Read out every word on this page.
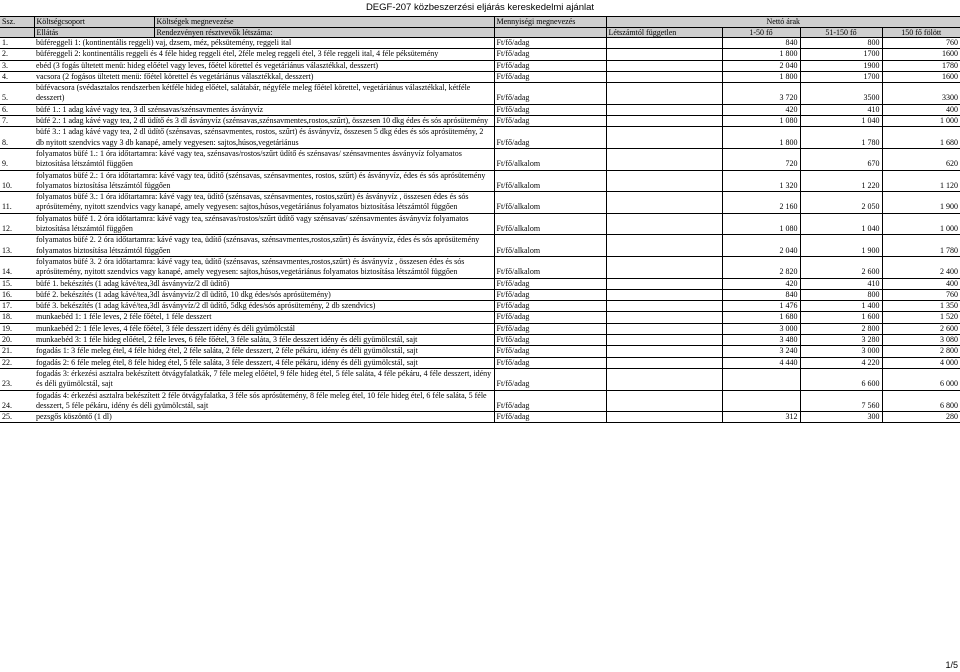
DEGF-207 közbeszerzési eljárás kereskedelmi ajánlat
Ssz.	Költségcsoport	Költségek megnevezése	Mennyiségi megnevezés	Nettó árak			
	Ellátás	Rendezvényen résztvevők létszáma:		Létszámtól független	1-50 fő	51-150 fő	150 fő fölött
1.	büféreggeli 1: (kontinentális reggeli) vaj, dzsem, méz, péksütemény, reggeli ital		Ft/fő/adag		840	800	760
2.	büféreggeli 2: kontinentális reggeli és 4 féle hideg reggeli étel, 2féle meleg reggeli étel, 3 féle reggeli ital, 4 féle péksütemény		Ft/fő/adag		1 800	1700	1600
3.	ebéd (3 fogás ültetett menü: hideg előétel vagy leves, főétel körettel és vegetáriánus választékkal, desszert)		Ft/fő/adag		2 040	1900	1780
4.	vacsora (2 fogásos ültetett menü: főétel körettel és vegetáriánus választékkal, desszert)		Ft/fő/adag		1 800	1700	1600
5.	büfévacsora (svédasztalos rendszerben kétféle hideg előétel, salátabár, négyféle meleg főétel körettel, vegetáriánus választékkal, kétféle desszert)		Ft/fő/adag		3 720	3500	3300
6.	büfé 1.: 1 adag kávé vagy tea, 3 dl szénsavas/szénsavmentes ásványvíz		Ft/fő/adag		420	410	400
7.	büfé 2.: 1 adag kávé vagy tea, 2 dl üdítő és 3 dl ásványvíz (szénsavas,szénsavmentes,rostos,szűrt), összesen 10 dkg édes és sós aprósütemény		Ft/fő/adag		1 080	1 040	1 000
8.	büfé 3.: 1 adag kávé vagy tea, 2 dl üdítő (szénsavas, szénsavmentes, rostos, szűrt) és ásványvíz, összesen 5 dkg édes és sós aprósütemény, 2 db nyitott szendvics vagy 3 db kanapé, amely vegyesen: sajtos,húsos,vegetáriánus		Ft/fő/adag		1 800	1 780	1 680
9.	folyamatos büfé 1.: 1 óra időtartamra: kávé vagy tea, szénsavas/rostos/szűrt üdítő és szénsavas/ szénsavmentes ásványvíz folyamatos biztosítása létszámtól függően		Ft/fő/alkalom		720	670	620
10.	folyamatos büfé 2.: 1 óra időtartamra: kávé vagy tea, üdítő (szénsavas, szénsavmentes, rostos, szűrt) és ásványvíz, édes és sós aprósütemény folyamatos biztosítása létszámtól függően		Ft/fő/alkalom		1 320	1 220	1 120
11.	folyamatos büfé 3.: 1 óra időtartamra: kávé vagy tea, üdítő (szénsavas, szénsavmentes, rostos,szűrt) és ásványvíz , összesen édes és sós aprósütemény, nyitott szendvics vagy kanapé, amely vegyesen: sajtos,húsos,vegetáriánus folyamatos biztosítása létszámtól függően		Ft/fő/alkalom		2 160	2 050	1 900
12.	folyamatos büfé 1. 2 óra időtartamra: kávé vagy tea, szénsavas/rostos/szűrt üdítő vagy szénsavas/ szénsavmentes ásványvíz folyamatos biztosítása létszámtól függően		Ft/fő/alkalom		1 080	1 040	1 000
13.	folyamatos büfé 2. 2 óra időtartamra: kávé vagy tea, üdítő (szénsavas, szénsavmentes,rostos,szűrt) és ásványvíz, édes és sós aprósütemény folyamatos biztosítása létszámtól függően		Ft/fő/alkalom		2 040	1 900	1 780
14.	folyamatos büfé 3. 2 óra időtartamra: kávé vagy tea, üdítő (szénsavas, szénsavmentes,rostos,szűrt) és ásványvíz , összesen édes és sós aprósütemény, nyitott szendvics vagy kanapé, amely vegyesen: sajtos,húsos,vegetáriánus folyamatos biztosítása létszámtól függően		Ft/fő/alkalom		2 820	2 600	2 400
15.	büfé 1. bekészítés (1 adag kávé/tea,3dl ásványvíz/2 dl üdítő)		Ft/fő/adag		420	410	400
16.	büfé 2. bekészítés (1 adag kávé/tea,3dl ásványvíz/2 dl üdítő, 10 dkg édes/sós aprósütemény)		Ft/fő/adag		840	800	760
17.	büfé 3. bekészítés (1 adag kávé/tea,3dl ásványvíz/2 dl üdítő, 5dkg édes/sós aprósütemény, 2 db szendvics)		Ft/fő/adag		1 476	1 400	1 350
18.	munkaebéd 1: 1 féle leves, 2 féle főétel, 1 féle desszert		Ft/fő/adag		1 680	1 600	1 520
19.	munkaebéd 2: 1 féle leves, 4 féle főétel, 3 féle desszert idény és déli gyümölcstál		Ft/fő/adag		3 000	2 800	2 600
20.	munkaebéd 3: 1 féle hideg előétel, 2 féle leves, 6 féle főétel, 3 féle saláta, 3 féle desszert idény és déli gyümölcstál, sajt		Ft/fő/adag		3 480	3 280	3 080
21.	fogadás 1: 3 féle meleg étel, 4 féle hideg étel, 2 féle saláta, 2 féle desszert, 2 féle pékáru, idény és déli gyümölcstál, sajt		Ft/fő/adag		3 240	3 000	2 800
22.	fogadás 2: 6 féle meleg étel, 8 féle hideg étel, 5 féle saláta, 3 féle desszert, 4 féle pékáru, idény és déli gyümölcstál, sajt		Ft/fő/adag		4 440	4 220	4 000
23.	fogadás 3: érkezési asztalra bekészített ötvágyfalatkák, 7 féle meleg előétel, 9 féle hideg étel, 5 féle saláta, 4 féle pékáru, 4 féle desszert, idény és déli gyümölcstál, sajt		Ft/fő/adag			6 600	6 000
24.	fogadás 4: érkezési asztalra bekészített 2 féle ötvágyfalatka, 3 féle sós aprósütemény, 8 féle meleg étel, 10 féle hideg étel, 6 féle saláta, 5 féle desszert, 5 féle pékáru, idény és déli gyümölcstál, sajt		Ft/fő/adag			7 560	6 800
25.	pezsgős köszöntő (1 dl)		Ft/fő/adag		312	300	280
1/5
